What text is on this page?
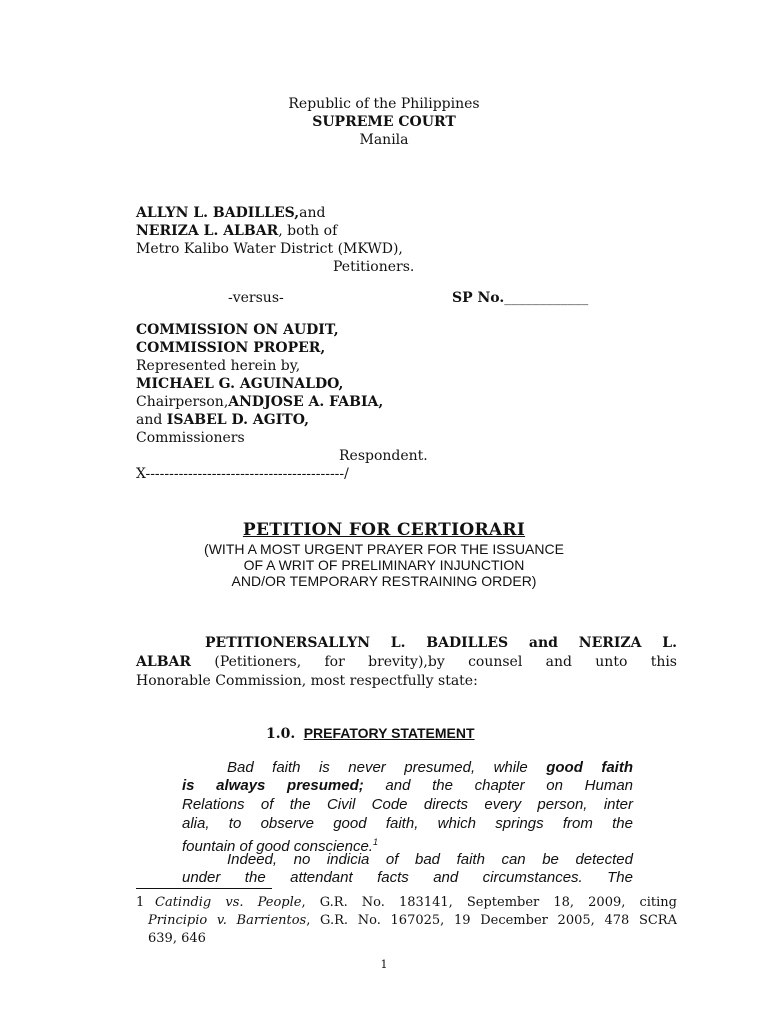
Republic of the Philippines
SUPREME COURT
Manila
ALLYN L. BADILLES,and
NERIZA L. ALBAR, both of
Metro Kalibo Water District (MKWD),
Petitioners.
-versus-	SP No.____________
COMMISSION ON AUDIT,
COMMISSION PROPER,
Represented herein by,
MICHAEL G. AGUINALDO,
Chairperson,ANDJOSE A. FABIA,
and ISABEL D. AGITO,
Commissioners
Respondent.
X------------------------------------------/
PETITION FOR CERTIORARI
(WITH A MOST URGENT PRAYER FOR THE ISSUANCE
OF A WRIT OF PRELIMINARY INJUNCTION
AND/OR TEMPORARY RESTRAINING ORDER)
PETITIONERSALLYN L. BADILLES and NERIZA L.
ALBAR (Petitioners, for brevity),by counsel and unto this
Honorable Commission, most respectfully state:
1.0. PREFATORY STATEMENT
Bad faith is never presumed, while good faith
is always presumed; and the chapter on Human
Relations of the Civil Code directs every person, inter
alia, to observe good faith, which springs from the
fountain of good conscience.$^1$
Indeed, no indicia of bad faith can be detected
under the attendant facts and circumstances. The
1 Catindig vs. People, G.R. No. 183141, September 18, 2009, citing
Principio v. Barrientos, G.R. No. 167025, 19 December 2005, 478 SCRA
639, 646
1
